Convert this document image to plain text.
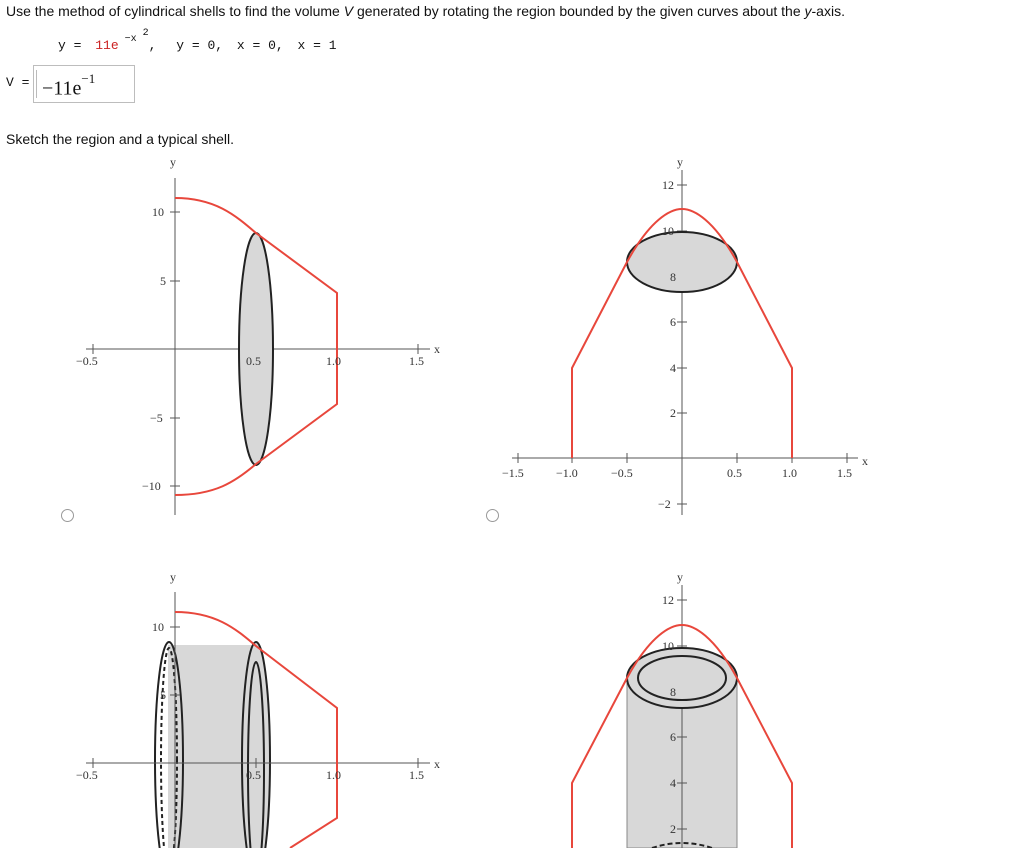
Use the method of cylindrical shells to find the volume V generated by rotating the region bounded by the given curves about the y-axis.
y = 11e $^{-x^2}$, y = 0, x = 0, x = 1
$V = -11e^{-1}$
Sketch the region and a typical shell.
y
x
10
5
−5
−10
−0.5	0.5	1.0	1.5
y
x
12
10
8
6
4
2
−2
−1.5	−1.0	−0.5	0.5	1.0	1.5
y
x
10
5
−0.5	0.5	1.0	1.5
y
12
10
8
6
4
2
